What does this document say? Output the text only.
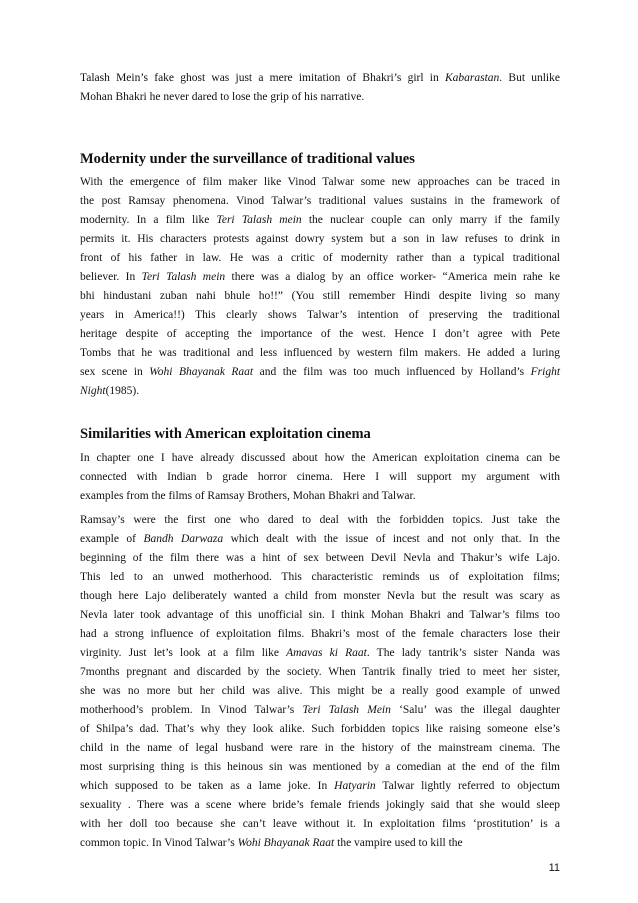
Talash Mein’s fake ghost was just a mere imitation of Bhakri’s girl in Kabarastan. But unlike
Mohan Bhakri he never dared to lose the grip of his narrative.
Modernity under the surveillance of traditional values
With the emergence of film maker like Vinod Talwar some new approaches can be traced in
the post Ramsay phenomena. Vinod Talwar’s traditional values sustains in the framework of
modernity. In a film like Teri Talash mein the nuclear couple can only marry if the family
permits it. His characters protests against dowry system but a son in law refuses to drink in
front of his father in law. He was a critic of modernity rather than a typical traditional
believer. In Teri Talash mein there was a dialog by an office worker- “America mein rahe ke
bhi hindustani zuban nahi bhule ho!!” (You still remember Hindi despite living so many
years in America!!) This clearly shows Talwar’s intention of preserving the traditional
heritage despite of accepting the importance of the west. Hence I don’t agree with Pete
Tombs that he was traditional and less influenced by western film makers. He added a luring
sex scene in Wohi Bhayanak Raat and the film was too much influenced by Holland’s Fright
Night(1985).
Similarities with American exploitation cinema
In chapter one I have already discussed about how the American exploitation cinema can be
connected with Indian b grade horror cinema. Here I will support my argument with
examples from the films of Ramsay Brothers, Mohan Bhakri and Talwar.
Ramsay’s were the first one who dared to deal with the forbidden topics. Just take the
example of Bandh Darwaza which dealt with the issue of incest and not only that. In the
beginning of the film there was a hint of sex between Devil Nevla and Thakur’s wife Lajo.
This led to an unwed motherhood. This characteristic reminds us of exploitation films;
though here Lajo deliberately wanted a child from monster Nevla but the result was scary as
Nevla later took advantage of this unofficial sin. I think Mohan Bhakri and Talwar’s films too
had a strong influence of exploitation films. Bhakri’s most of the female characters lose their
virginity. Just let’s look at a film like Amavas ki Raat. The lady tantrik’s sister Nanda was
7months pregnant and discarded by the society. When Tantrik finally tried to meet her sister,
she was no more but her child was alive. This might be a really good example of unwed
motherhood’s problem. In Vinod Talwar’s Teri Talash Mein ‘Salu’ was the illegal daughter
of Shilpa’s dad. That’s why they look alike. Such forbidden topics like raising someone else’s
child in the name of legal husband were rare in the history of the mainstream cinema. The
most surprising thing is this heinous sin was mentioned by a comedian at the end of the film
which supposed to be taken as a lame joke. In Hatyarin Talwar lightly referred to objectum
sexuality . There was a scene where bride’s female friends jokingly said that she would sleep
with her doll too because she can’t leave without it. In exploitation films ‘prostitution’ is a
common topic. In Vinod Talwar’s Wohi Bhayanak Raat the vampire used to kill the
11
